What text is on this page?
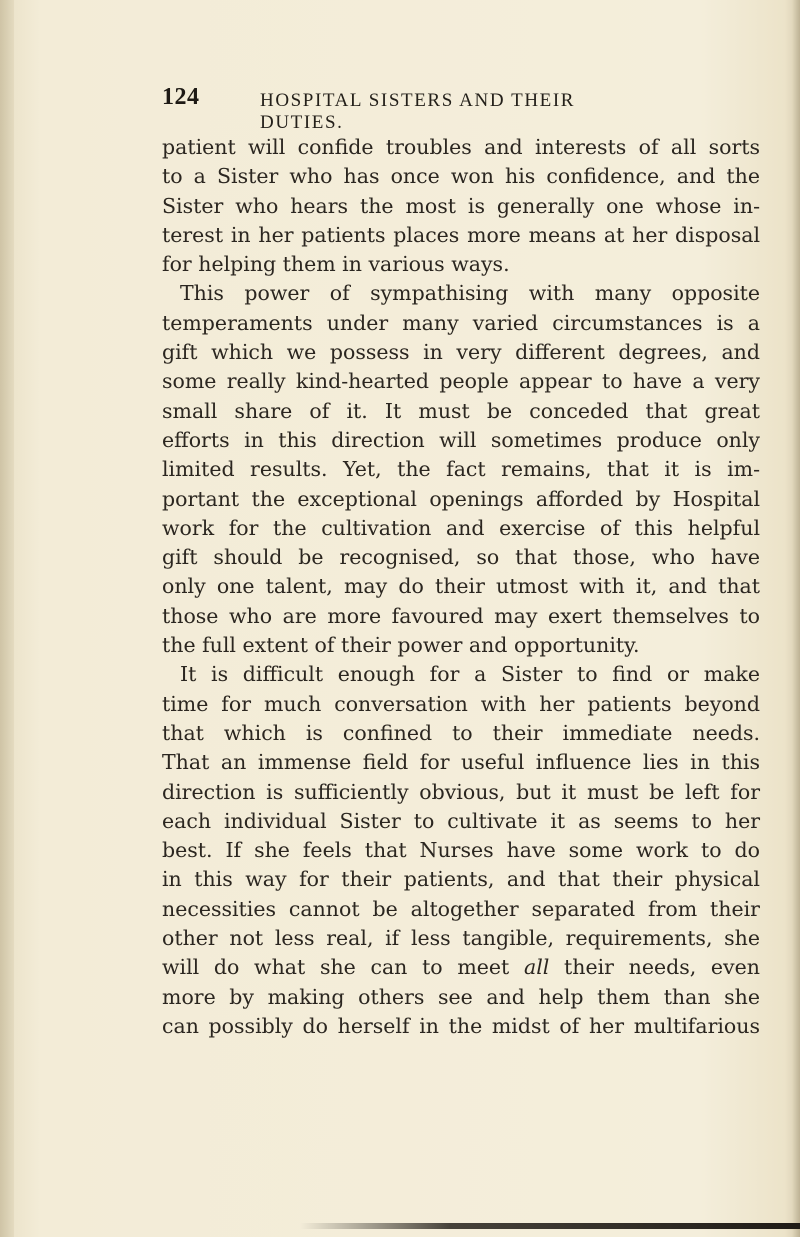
124	HOSPITAL SISTERS AND THEIR DUTIES.
patient will confide troubles and interests of all sorts
to a Sister who has once won his confidence, and the
Sister who hears the most is generally one whose in-
terest in her patients places more means at her disposal
for helping them in various ways.
This power of sympathising with many opposite
temperaments under many varied circumstances is a
gift which we possess in very different degrees, and
some really kind-hearted people appear to have a very
small share of it. It must be conceded that great
efforts in this direction will sometimes produce only
limited results. Yet, the fact remains, that it is im-
portant the exceptional openings afforded by Hospital
work for the cultivation and exercise of this helpful
gift should be recognised, so that those, who have
only one talent, may do their utmost with it, and that
those who are more favoured may exert themselves to
the full extent of their power and opportunity.
It is difficult enough for a Sister to find or make
time for much conversation with her patients beyond
that which is confined to their immediate needs.
That an immense field for useful influence lies in this
direction is sufficiently obvious, but it must be left for
each individual Sister to cultivate it as seems to her
best. If she feels that Nurses have some work to do
in this way for their patients, and that their physical
necessities cannot be altogether separated from their
other not less real, if less tangible, requirements, she
will do what she can to meet all their needs, even
more by making others see and help them than she
can possibly do herself in the midst of her multifarious
